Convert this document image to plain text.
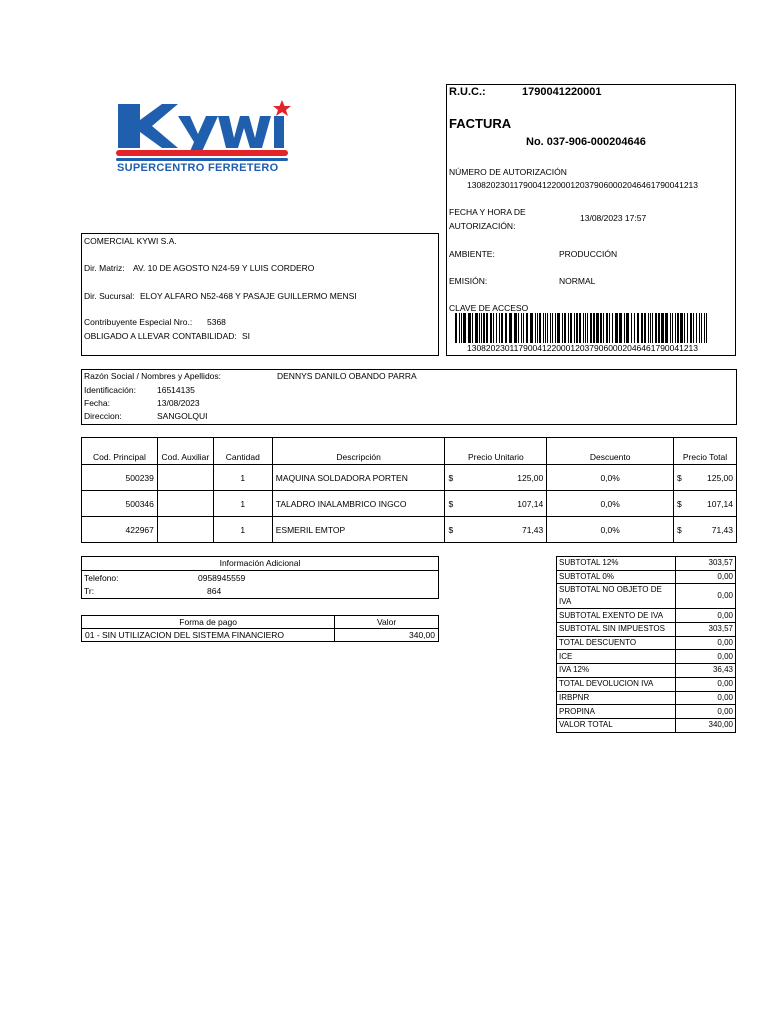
SUPERCENTRO FERRETERO
COMERCIAL KYWI S.A.
Dir. Matriz: AV. 10 DE AGOSTO N24-59 Y LUIS CORDERO
Dir. Sucursal: ELOY ALFARO N52-468 Y PASAJE GUILLERMO MENSI
Contribuyente Especial Nro.: 5368
OBLIGADO A LLEVAR CONTABILIDAD: SI
R.U.C.:	1790041220001
FACTURA
No. 037-906-000204646
NÚMERO DE AUTORIZACIÓN
1308202301179004122000120379060002046461790041213
FECHA Y HORA DE
AUTORIZACIÓN:
13/08/2023 17:57
AMBIENTE:	PRODUCCIÓN
EMISIÓN:	NORMAL
CLAVE DE ACCESO
1308202301179004122000120379060002046461790041213
Razón Social / Nombres y Apellidos:	DENNYS DANILO OBANDO PARRA
Identificación: 16514135
Fecha:	13/08/2023
Direccion:	SANGOLQUI
Cod. Principal	Cod. Auxiliar	Cantidad	Descripción	Precio Unitario	Descuento	Precio Total
500239		1	MAQUINA SOLDADORA PORTEN	$ 125,00	0,0%	$ 125,00

500346		1	TALADRO INALAMBRICO INGCO	$ 107,14	0,0%	$ 107,14

422967		1	ESMERIL EMTOP	$ 71,43	0,0%	$ 71,43
Información Adicional
Telefono:	0958945559
Tr:	864
Forma de pago	Valor
01 - SIN UTILIZACION DEL SISTEMA FINANCIERO	340,00
SUBTOTAL 12%	303,57
SUBTOTAL 0%	0,00
SUBTOTAL NO OBJETO DE IVA	0,00
SUBTOTAL EXENTO DE IVA	0,00
SUBTOTAL SIN IMPUESTOS	303,57
TOTAL DESCUENTO	0,00
ICE	0,00
IVA 12%	36,43
TOTAL DEVOLUCION IVA	0,00
IRBPNR	0,00
PROPINA	0,00
VALOR TOTAL	340,00
